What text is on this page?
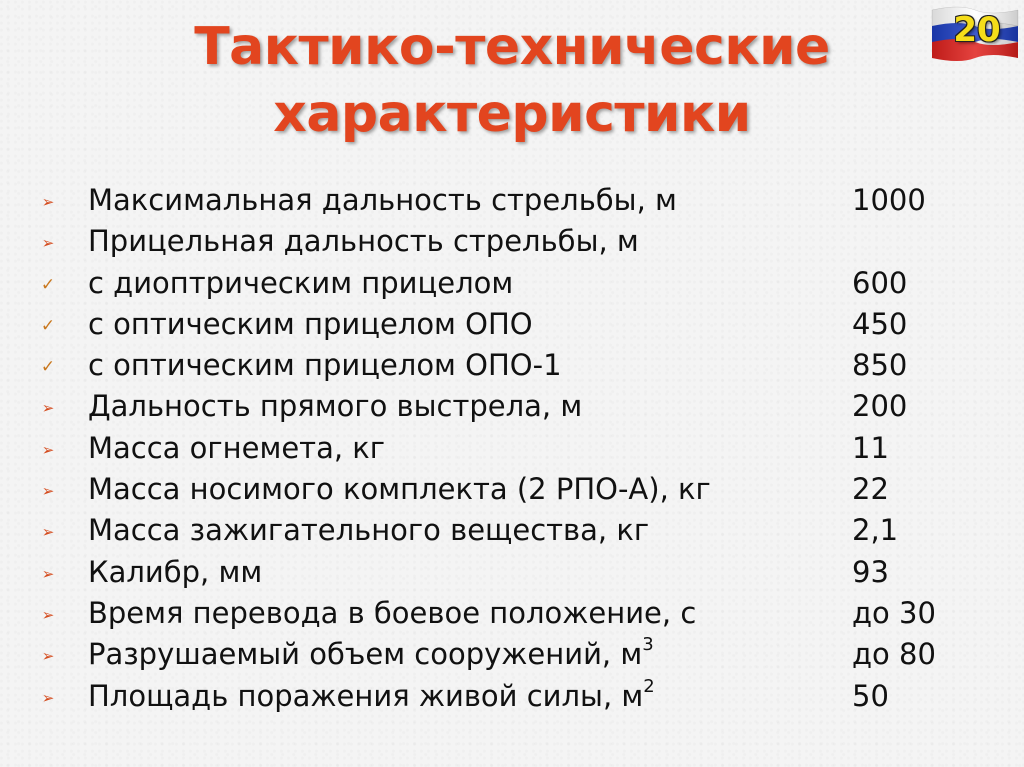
Тактико-технические
характеристики
20
➢ Максимальная дальность стрельбы, м	1000
➢ Прицельная дальность стрельбы, м
✓ с диоптрическим прицелом	600
✓ с оптическим прицелом ОПО	450
✓ с оптическим прицелом ОПО-1	850
➢ Дальность прямого выстрела, м	200
➢ Масса огнемета, кг	11
➢ Масса носимого комплекта (2 РПО-А), кг	22
➢ Масса зажигательного вещества, кг	2,1
➢ Калибр, мм	93
➢ Время перевода в боевое положение, с	до 30
➢ Разрушаемый объем сооружений, $м^3$	до 80
➢ Площадь поражения живой силы, $м^2$	50
